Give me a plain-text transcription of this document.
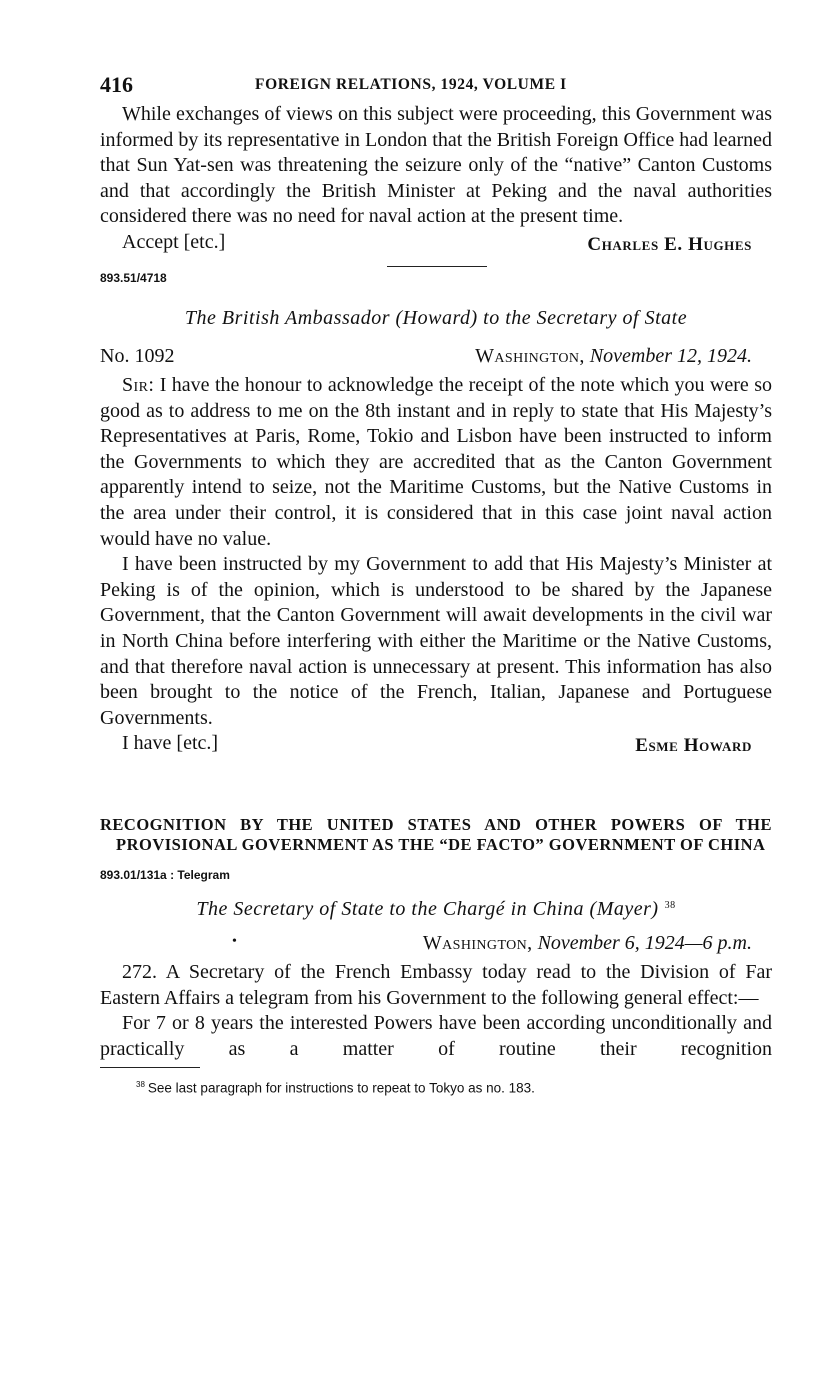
416	FOREIGN RELATIONS, 1924, VOLUME I

While exchanges of views on this subject were proceeding, this Government was informed by its representative in London that the British Foreign Office had learned that Sun Yat-sen was threatening the seizure only of the “native” Canton Customs and that accordingly the British Minister at Peking and the naval authorities considered there was no need for naval action at the present time.

Accept [etc.]	Charles E. Hughes
893.51/4718
The British Ambassador (Howard) to the Secretary of State
No. 1092	Washington, November 12, 1924.

Sir: I have the honour to acknowledge the receipt of the note which you were so good as to address to me on the 8th instant and in reply to state that His Majesty’s Representatives at Paris, Rome, Tokio and Lisbon have been instructed to inform the Governments to which they are accredited that as the Canton Government apparently intend to seize, not the Maritime Customs, but the Native Customs in the area under their control, it is considered that in this case joint naval action would have no value.

I have been instructed by my Government to add that His Majesty’s Minister at Peking is of the opinion, which is understood to be shared by the Japanese Government, that the Canton Government will await developments in the civil war in North China before interfering with either the Maritime or the Native Customs, and that therefore naval action is unnecessary at present. This information has also been brought to the notice of the French, Italian, Japanese and Portuguese Governments.

I have [etc.]	Esme Howard
RECOGNITION BY THE UNITED STATES AND OTHER POWERS OF THE PROVISIONAL GOVERNMENT AS THE “DE FACTO” GOVERNMENT OF CHINA
893.01/131a : Telegram
The Secretary of State to the Chargé in China (Mayer) $^{38}$
•	Washington, November 6, 1924—6 p.m.

272. A Secretary of the French Embassy today read to the Division of Far Eastern Affairs a telegram from his Government to the following general effect:—

For 7 or 8 years the interested Powers have been according unconditionally and practically as a matter of routine their recognition

$^{38}$ See last paragraph for instructions to repeat to Tokyo as no. 183.
